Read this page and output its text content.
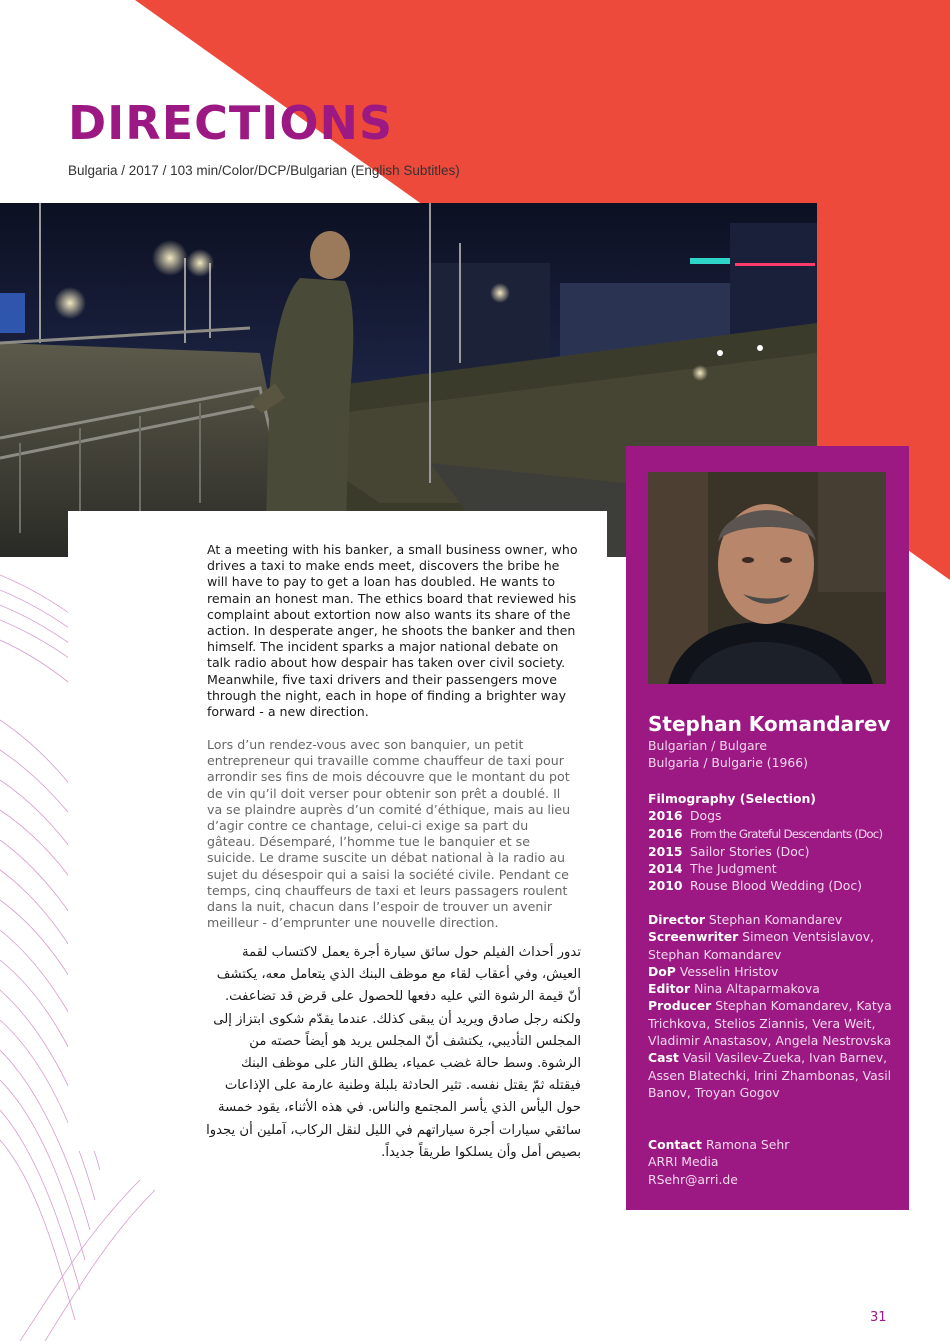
DIRECTIONS
Bulgaria / 2017 / 103 min/Color/DCP/Bulgarian (English Subtitles)
At a meeting with his banker, a small business owner, who drives a taxi to make ends meet, discovers the bribe he will have to pay to get a loan has doubled. He wants to remain an honest man. The ethics board that reviewed his complaint about extortion now also wants its share of the action. In desperate anger, he shoots the banker and then himself. The incident sparks a major national debate on talk radio about how despair has taken over civil society. Meanwhile, five taxi drivers and their passengers move through the night, each in hope of finding a brighter way forward - a new direction.
Lors d’un rendez-vous avec son banquier, un petit entrepreneur qui travaille comme chauffeur de taxi pour arrondir ses fins de mois découvre que le montant du pot de vin qu’il doit verser pour obtenir son prêt a doublé. Il va se plaindre auprès d’un comité d’éthique, mais au lieu d’agir contre ce chantage, celui-ci exige sa part du gâteau. Désemparé, l’homme tue le banquier et se suicide. Le drame suscite un débat national à la radio au sujet du désespoir qui a saisi la société civile. Pendant ce temps, cinq chauffeurs de taxi et leurs passagers roulent dans la nuit, chacun dans l’espoir de trouver un avenir meilleur - d’emprunter une nouvelle direction.
تدور أحداث الفيلم حول سائق سيارة أجرة يعمل لاكتساب لقمة العيش، وفي أعقاب لقاء مع موظف البنك الذي يتعامل معه، يكتشف أنّ قيمة الرشوة التي عليه دفعها للحصول على قرض قد تضاعفت. ولكنه رجل صادق ويريد أن يبقى كذلك. عندما يقدّم شكوى ابتزاز إلى المجلس التأديبي، يكتشف أنّ المجلس يريد هو أيضاً حصته من الرشوة. وسط حالة غضب عمياء، يطلق النار على موظف البنك فيقتله ثمّ يقتل نفسه. تثير الحادثة بلبلة وطنية عارمة على الإذاعات حول اليأس الذي يأسر المجتمع والناس. في هذه الأثناء، يقود خمسة سائقي سيارات أجرة سياراتهم في الليل لنقل الركاب، آملين أن يجدوا بصيص أمل وأن يسلكوا طريقاً جديداً.
Stephan Komandarev
Bulgarian / Bulgare
Bulgaria / Bulgarie (1966)
Filmography (Selection)
2016 Dogs
2016 From the Grateful Descendants (Doc)
2015 Sailor Stories (Doc)
2014 The Judgment
2010 Rouse Blood Wedding (Doc)
Director Stephan Komandarev
Screenwriter Simeon Ventsislavov, Stephan Komandarev
DoP Vesselin Hristov
Editor Nina Altaparmakova
Producer Stephan Komandarev, Katya Trichkova, Stelios Ziannis, Vera Weit, Vladimir Anastasov, Angela Nestrovska
Cast Vasil Vasilev-Zueka, Ivan Barnev, Assen Blatechki, Irini Zhambonas, Vasil Banov, Troyan Gogov
Contact Ramona Sehr
ARRI Media
RSehr@arri.de
31
